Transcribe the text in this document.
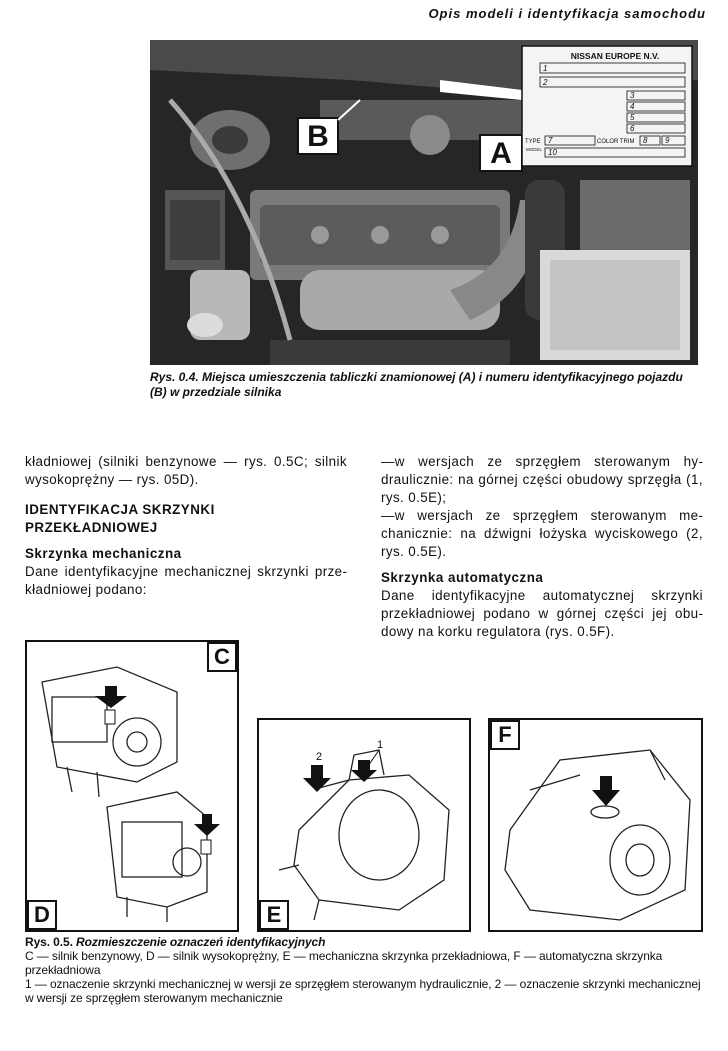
Opis modeli i identyfikacja samochodu
B
A
NISSAN EUROPE N.V.
1
2
3
4
5
6
TYPE 7	COLOR TRIM 8 9
MODEL 10
Rys. 0.4. Miejsca umieszczenia tabliczki znamionowej (A) i numeru identyfikacyjnego pojazdu (B) w przedziale silnika

kładniowej (silniki benzynowe — rys. 0.5C; silnik wysokoprężny — rys. 05D).

IDENTYFIKACJA SKRZYNKI PRZEKŁADNIOWEJ
Skrzynka mechaniczna

Dane identyfikacyjne mechanicznej skrzynki przekładniowej podano:

—w wersjach ze sprzęgłem sterowanym hydraulicznie: na górnej części obudowy sprzęgła (1, rys. 0.5E);

—w wersjach ze sprzęgłem sterowanym mechanicznie: na dźwigni łożyska wyciskowego (2, rys. 0.5E).

Skrzynka automatyczna

Dane identyfikacyjne automatycznej skrzynki przekładniowej podano w górnej części jej obudowy na korku regulatora (rys. 0.5F).

C
D
2
1
E
F
Rys. 0.5. Rozmieszczenie oznaczeń identyfikacyjnych
C — silnik benzynowy, D — silnik wysokoprężny, E — mechaniczna skrzynka przekładniowa, F — automatyczna skrzynka przekładniowa
1 — oznaczenie skrzynki mechanicznej w wersji ze sprzęgłem sterowanym hydraulicznie, 2 — oznaczenie skrzynki mechanicznej w wersji ze sprzęgłem sterowanym mechanicznie
